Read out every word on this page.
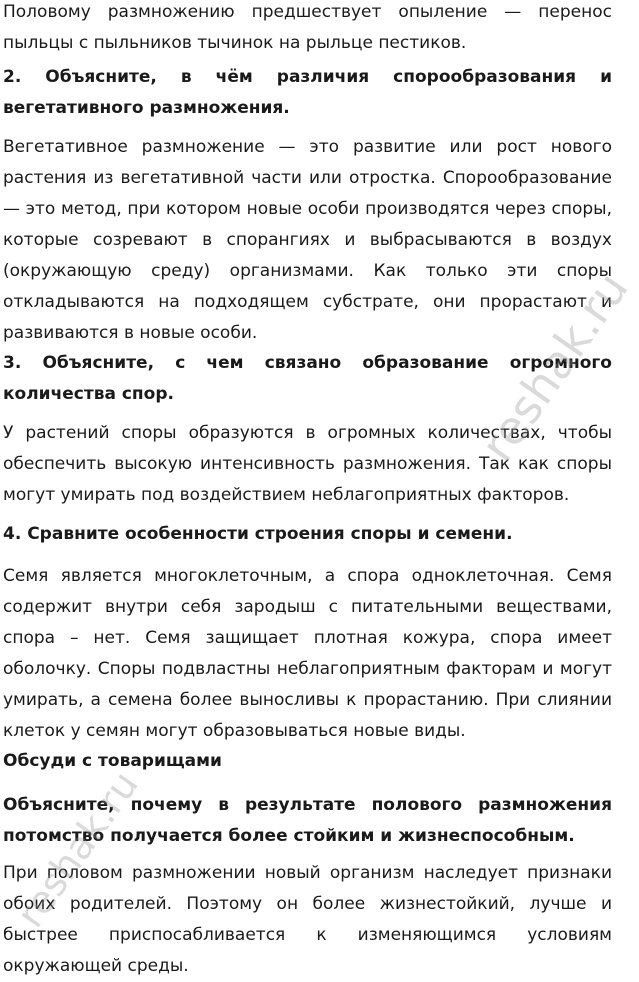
Половому размножению предшествует опыление — перенос пыльцы с пыльников тычинок на рыльце пестиков.

2. Объясните, в чём различия спорообразования и вегетативного размножения.

Вегетативное размножение — это развитие или рост нового растения из вегетативной части или отростка. Спорообразование — это метод, при котором новые особи производятся через споры, которые созревают в спорангиях и выбрасываются в воздух (окружающую среду) организмами. Как только эти споры откладываются на подходящем субстрате, они прорастают и развиваются в новые особи.

3. Объясните, с чем связано образование огромного количества спор.

У растений споры образуются в огромных количествах, чтобы обеспечить высокую интенсивность размножения. Так как споры могут умирать под воздействием неблагоприятных факторов.

4. Сравните особенности строения споры и семени.

Семя является многоклеточным, а спора одноклеточная. Семя содержит внутри себя зародыш с питательными веществами, спора – нет. Семя защищает плотная кожура, спора имеет оболочку. Споры подвластны неблагоприятным факторам и могут умирать, а семена более выносливы к прорастанию. При слиянии клеток у семян могут образовываться новые виды.

Обсуди с товарищами
Объясните, почему в результате полового размножения потомство получается более стойким и жизнеспособным.

При половом размножении новый организм наследует признаки обоих родителей. Поэтому он более жизнестойкий, лучше и быстрее приспосабливается к изменяющимся условиям окружающей среды.

reshak.ru
reshak.ru
